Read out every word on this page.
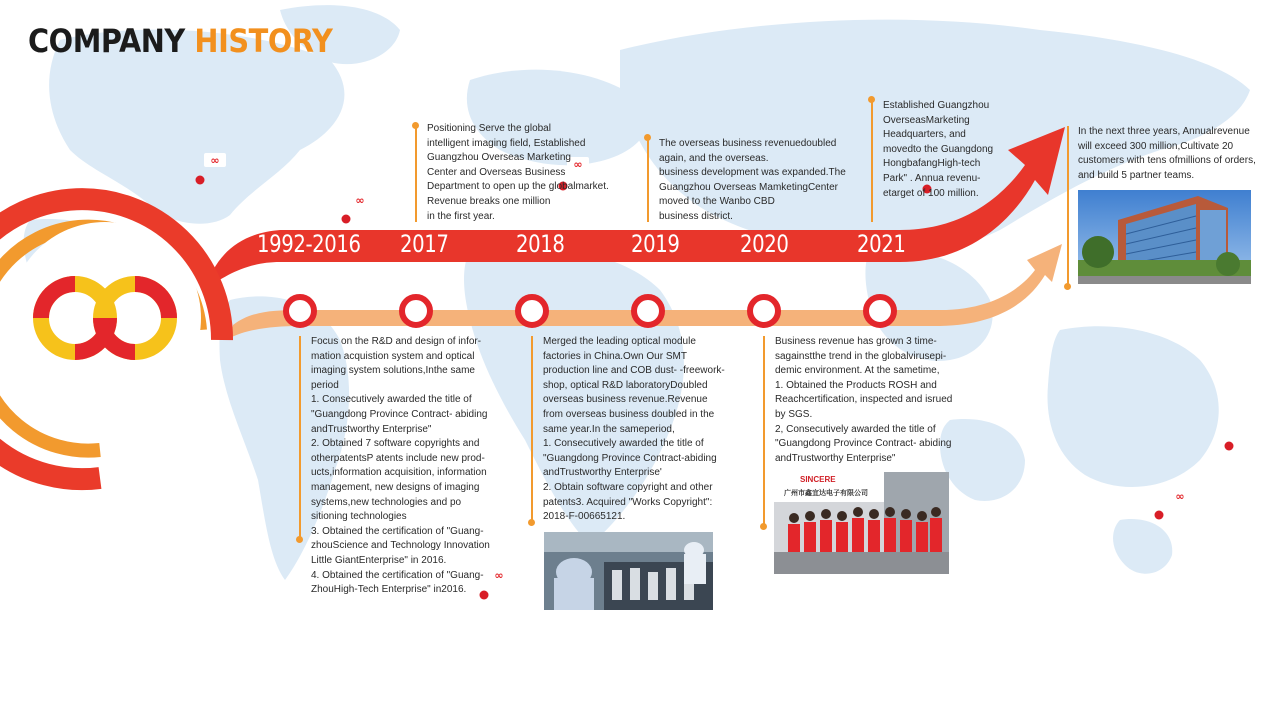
∞
∞
∞
∞
∞
COMPANY HISTORY
1992-2016 2017	2018	2019	2020	2021
Positioning Serve the global
intelligent imaging field, Established
Guangzhou Overseas Marketing
Center and Overseas Business
Department to open up the globalmarket.
Revenue breaks one million
in the first year.
The overseas business revenuedoubled
again, and the overseas.
business development was expanded.The
Guangzhou Overseas MamketingCenter
moved to the Wanbo CBD
business district.
Established Guangzhou
OverseasMarketing
Headquarters, and
movedto the Guangdong
HongbafangHigh-tech
Park" . Annua revenu-
etarget of 100 million.
In the next three years, Annualrevenue
will exceed 300 million,Cultivate 20
customers with tens ofmillions of orders,
and build 5 partner teams.
Focus on the R&D and design of infor-
mation acquistion system and optical
imaging system solutions,Inthe same
period
1. Consecutively awarded the title of
"Guangdong Province Contract- abiding
andTrustworthy Enterprise"
2. Obtained 7 software copyrights and
otherpatentsP atents include new prod-
ucts,information acquisition, information
management, new designs of imaging
systems,new technologies and po
sitioning technologies
3. Obtained the certification of "Guang-
zhouScience and Technology Innovation
Little GiantEnterprise" in 2016.
4. Obtained the certification of "Guang-
ZhouHigh-Tech Enterprise" in2016.
Merged the leading optical module
factories in China.Own Our SMT
production line and COB dust- -freework-
shop, optical R&D laboratoryDoubled
overseas business revenue.Revenue
from overseas business doubled in the
same year.In the sameperiod,
1. Consecutively awarded the title of
"Guangdong Province Contract-abiding
andTrustworthy Enterprise'
2. Obtain software copyright and other
patents3. Acquired "Works Copyright":
2018-F-00665121.
Business revenue has grown 3 time-
sagainstthe trend in the globalvirusepi-
demic environment. At the sametime,
1. Obtained the Products ROSH and
Reachcertification, inspected and isrued
by SGS.
2, Consecutively awarded the title of
"Guangdong Province Contract- abiding
andTrustworthy Enterprise"
SINCERE
广州市鑫宜达电子有限公司
